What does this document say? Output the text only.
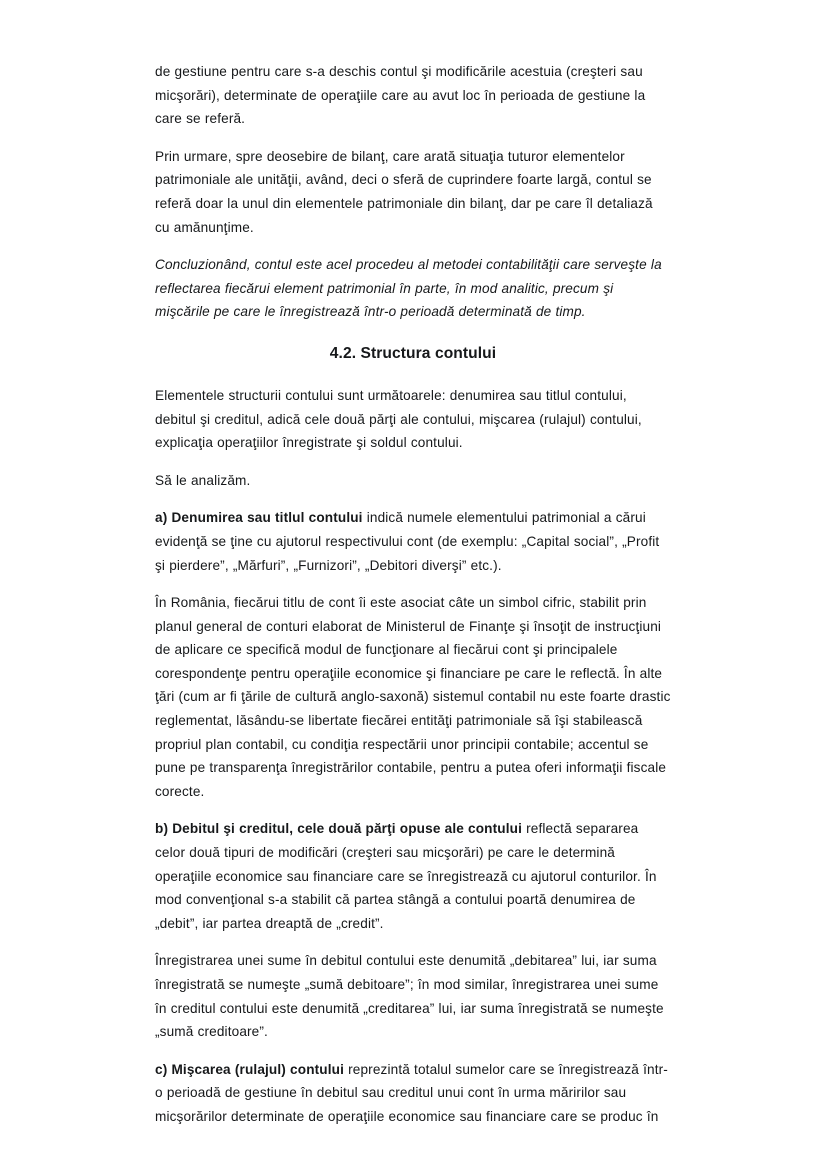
de gestiune pentru care s-a deschis contul şi modificările acestuia (creşteri sau micşorări), determinate de operaţiile care au avut loc în perioada de gestiune la care se referă.

Prin urmare, spre deosebire de bilanţ, care arată situaţia tuturor elementelor patrimoniale ale unităţii, având, deci o sferă de cuprindere foarte largă, contul se referă doar la unul din elementele patrimoniale din bilanţ, dar pe care îl detaliază cu amănunţime.

Concluzionând, contul este acel procedeu al metodei contabilităţii care serveşte la reflectarea fiecărui element patrimonial în parte, în mod analitic, precum şi mişcările pe care le înregistrează într-o perioadă determinată de timp.

4.2. Structura contului

Elementele structurii contului sunt următoarele: denumirea sau titlul contului, debitul şi creditul, adică cele două părţi ale contului, mişcarea (rulajul) contului, explicaţia operaţiilor înregistrate şi soldul contului.

Să le analizăm.

a) Denumirea sau titlul contului indică numele elementului patrimonial a cărui evidenţă se ţine cu ajutorul respectivului cont (de exemplu: „Capital social”, „Profit şi pierdere”, „Mărfuri”, „Furnizori”, „Debitori diverşi” etc.).

În România, fiecărui titlu de cont îi este asociat câte un simbol cifric, stabilit prin planul general de conturi elaborat de Ministerul de Finanţe şi însoţit de instrucţiuni de aplicare ce specifică modul de funcţionare al fiecărui cont şi principalele corespondenţe pentru operaţiile economice şi financiare pe care le reflectă. În alte ţări (cum ar fi ţările de cultură anglo-saxonă) sistemul contabil nu este foarte drastic reglementat, lăsându-se libertate fiecărei entităţi patrimoniale să îşi stabilească propriul plan contabil, cu condiţia respectării unor principii contabile; accentul se pune pe transparenţa înregistrărilor contabile, pentru a putea oferi informaţii fiscale corecte.

b) Debitul şi creditul, cele două părţi opuse ale contului reflectă separarea celor două tipuri de modificări (creşteri sau micşorări) pe care le determină operaţiile economice sau financiare care se înregistrează cu ajutorul conturilor. În mod convenţional s-a stabilit că partea stângă a contului poartă denumirea de „debit”, iar partea dreaptă de „credit”.

Înregistrarea unei sume în debitul contului este denumită „debitarea” lui, iar suma înregistrată se numeşte „sumă debitoare”; în mod similar, înregistrarea unei sume în creditul contului este denumită „creditarea” lui, iar suma înregistrată se numeşte „sumă creditoare”.

c) Mişcarea (rulajul) contului reprezintă totalul sumelor care se înregistrează într-o perioadă de gestiune în debitul sau creditul unui cont în urma măririlor sau micşorărilor determinate de operaţiile economice sau financiare care se produc în
